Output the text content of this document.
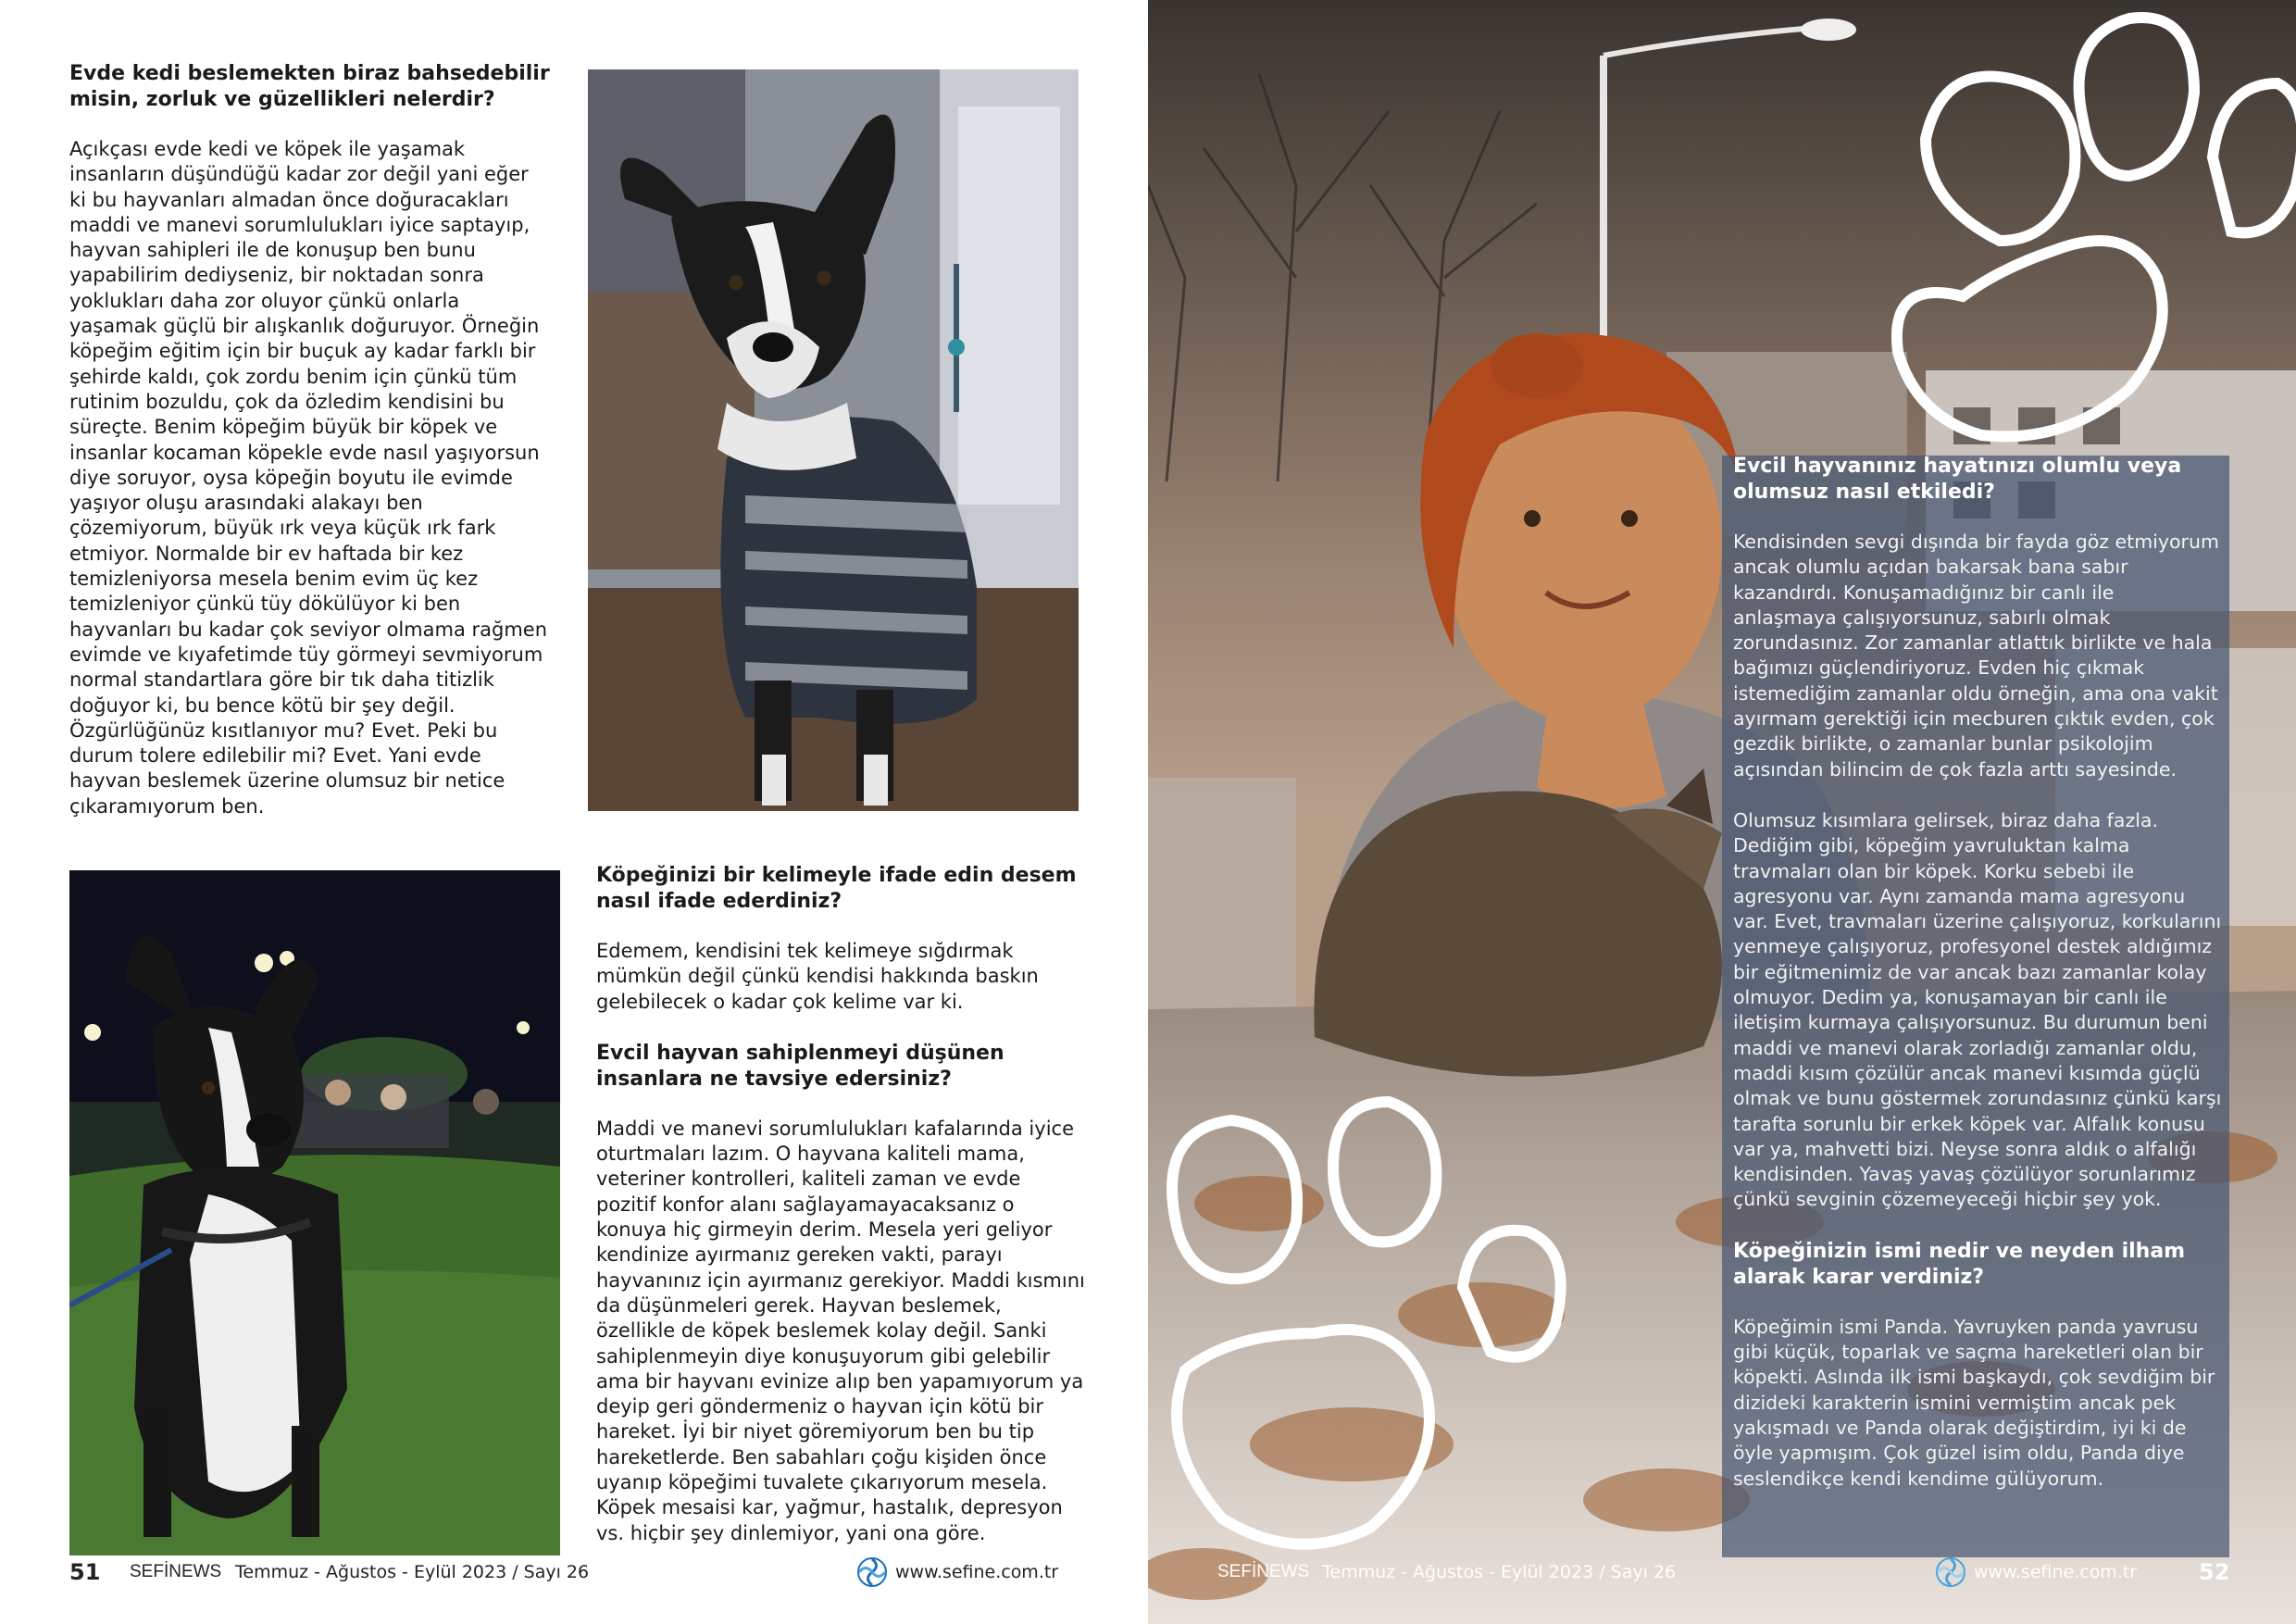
Evde kedi beslemekten biraz bahsedebilir misin, zorluk ve güzellikleri nelerdir?

Açıkçası evde kedi ve köpek ile yaşamak insanların düşündüğü kadar zor değil yani eğer ki bu hayvanları almadan önce doğuracakları maddi ve manevi sorumlulukları iyice saptayıp, hayvan sahipleri ile de konuşup ben bunu yapabilirim dediyseniz, bir noktadan sonra yoklukları daha zor oluyor çünkü onlarla yaşamak güçlü bir alışkanlık doğuruyor. Örneğin köpeğim eğitim için bir buçuk ay kadar farklı bir şehirde kaldı, çok zordu benim için çünkü tüm rutinim bozuldu, çok da özledim kendisini bu süreçte. Benim köpeğim büyük bir köpek ve insanlar kocaman köpekle evde nasıl yaşıyorsun diye soruyor, oysa köpeğin boyutu ile evimde yaşıyor oluşu arasındaki alakayı ben çözemiyorum, büyük ırk veya küçük ırk fark etmiyor. Normalde bir ev haftada bir kez temizleniyorsa mesela benim evim üç kez temizleniyor çünkü tüy dökülüyor ki ben hayvanları bu kadar çok seviyor olmama rağmen evimde ve kıyafetimde tüy görmeyi sevmiyorum normal standartlara göre bir tık daha titizlik doğuyor ki, bu bence kötü bir şey değil. Özgürlüğünüz kısıtlanıyor mu? Evet. Peki bu durum tolere edilebilir mi? Evet. Yani evde hayvan beslemek üzerine olumsuz bir netice çıkaramıyorum ben.

Köpeğinizi bir kelimeyle ifade edin desem nasıl ifade ederdiniz?

Edemem, kendisini tek kelimeye sığdırmak mümkün değil çünkü kendisi hakkında baskın gelebilecek o kadar çok kelime var ki.

Evcil hayvan sahiplenmeyi düşünen insanlara ne tavsiye edersiniz?

Maddi ve manevi sorumlulukları kafalarında iyice oturtmaları lazım. O hayvana kaliteli mama, veteriner kontrolleri, kaliteli zaman ve evde pozitif konfor alanı sağlayamayacaksanız o konuya hiç girmeyin derim. Mesela yeri geliyor kendinize ayırmanız gereken vakti, parayı hayvanınız için ayırmanız gerekiyor. Maddi kısmını da düşünmeleri gerek. Hayvan beslemek, özellikle de köpek beslemek kolay değil. Sanki sahiplenmeyin diye konuşuyorum gibi gelebilir ama bir hayvanı evinize alıp ben yapamıyorum ya deyip geri göndermeniz o hayvan için kötü bir hareket. İyi bir niyet göremiyorum ben bu tip hareketlerde. Ben sabahları çoğu kişiden önce uyanıp köpeğimi tuvalete çıkarıyorum mesela. Köpek mesaisi kar, yağmur, hastalık, depresyon vs. hiçbir şey dinlemiyor, yani ona göre.

51 SEFİNEWS Temmuz - Ağustos - Eylül 2023 / Sayı 26	www.sefine.com.tr
Evcil hayvanınız hayatınızı olumlu veya olumsuz nasıl etkiledi?

Kendisinden sevgi dışında bir fayda göz etmiyorum ancak olumlu açıdan bakarsak bana sabır kazandırdı. Konuşamadığınız bir canlı ile anlaşmaya çalışıyorsunuz, sabırlı olmak zorundasınız. Zor zamanlar atlattık birlikte ve hala bağımızı güçlendiriyoruz. Evden hiç çıkmak istemediğim zamanlar oldu örneğin, ama ona vakit ayırmam gerektiği için mecburen çıktık evden, çok gezdik birlikte, o zamanlar bunlar psikolojim açısından bilincim de çok fazla arttı sayesinde.

Olumsuz kısımlara gelirsek, biraz daha fazla. Dediğim gibi, köpeğim yavruluktan kalma travmaları olan bir köpek. Korku sebebi ile agresyonu var. Aynı zamanda mama agresyonu var. Evet, travmaları üzerine çalışıyoruz, korkularını yenmeye çalışıyoruz, profesyonel destek aldığımız bir eğitmenimiz de var ancak bazı zamanlar kolay olmuyor. Dedim ya, konuşamayan bir canlı ile iletişim kurmaya çalışıyorsunuz. Bu durumun beni maddi ve manevi olarak zorladığı zamanlar oldu, maddi kısım çözülür ancak manevi kısımda güçlü olmak ve bunu göstermek zorundasınız çünkü karşı tarafta sorunlu bir erkek köpek var. Alfalık konusu var ya, mahvetti bizi. Neyse sonra aldık o alfalığı kendisinden. Yavaş yavaş çözülüyor sorunlarımız çünkü sevginin çözemeyeceği hiçbir şey yok.

Köpeğinizin ismi nedir ve neyden ilham alarak karar verdiniz?

Köpeğimin ismi Panda. Yavruyken panda yavrusu gibi küçük, toparlak ve saçma hareketleri olan bir köpekti. Aslında ilk ismi başkaydı, çok sevdiğim bir dizideki karakterin ismini vermiştim ancak pek yakışmadı ve Panda olarak değiştirdim, iyi ki de öyle yapmışım. Çok güzel isim oldu, Panda diye seslendikçe kendi kendime gülüyorum.

SEFİNEWS Temmuz - Ağustos - Eylül 2023 / Sayı 26	www.sefine.com.tr	52
